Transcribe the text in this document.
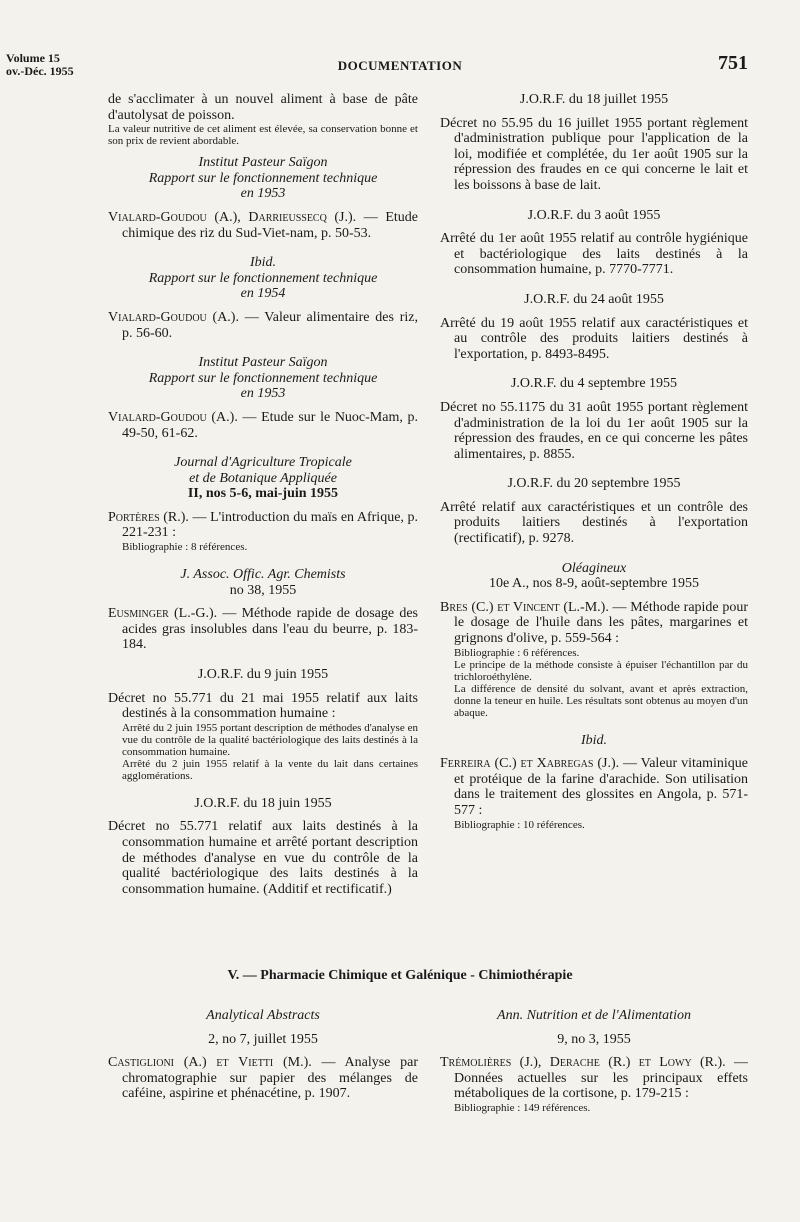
Volume 15
ov.-Déc. 1955	DOCUMENTATION	751

de s'acclimater à un nouvel aliment à base de pâte d'autolysat de poisson.

La valeur nutritive de cet aliment est élevée, sa conservation bonne et son prix de revient abordable.

Institut Pasteur Saïgon

Rapport sur le fonctionnement technique

en 1953

Vialard-Goudou (A.), Darrieussecq (J.). — Etude chimique des riz du Sud-Viet-nam, p. 50-53.

Ibid.

Rapport sur le fonctionnement technique

en 1954

Vialard-Goudou (A.). — Valeur alimentaire des riz, p. 56-60.

Institut Pasteur Saïgon

Rapport sur le fonctionnement technique

en 1953

Vialard-Goudou (A.). — Etude sur le Nuoc-Mam, p. 49-50, 61-62.

Journal d'Agriculture Tropicale

et de Botanique Appliquée

II, nos 5-6, mai-juin 1955

Portères (R.). — L'introduction du maïs en Afrique, p. 221-231 :

Bibliographie : 8 références.

J. Assoc. Offic. Agr. Chemists

no 38, 1955

Eusminger (L.-G.). — Méthode rapide de dosage des acides gras insolubles dans l'eau du beurre, p. 183-184.

J.O.R.F. du 9 juin 1955

Décret no 55.771 du 21 mai 1955 relatif aux laits destinés à la consommation humaine :

Arrêté du 2 juin 1955 portant description de méthodes d'analyse en vue du contrôle de la qualité bactériologique des laits destinés à la consommation humaine.

Arrêté du 2 juin 1955 relatif à la vente du lait dans certaines agglomérations.

J.O.R.F. du 18 juin 1955

Décret no 55.771 relatif aux laits destinés à la consommation humaine et arrêté portant description de méthodes d'analyse en vue du contrôle de la qualité bactériologique des laits destinés à la consommation humaine. (Additif et rectificatif.)

J.O.R.F. du 18 juillet 1955

Décret no 55.95 du 16 juillet 1955 portant règlement d'administration publique pour l'application de la loi, modifiée et complétée, du 1er août 1905 sur la répression des fraudes en ce qui concerne le lait et les boissons à base de lait.

J.O.R.F. du 3 août 1955

Arrêté du 1er août 1955 relatif au contrôle hygiénique et bactériologique des laits destinés à la consommation humaine, p. 7770-7771.

J.O.R.F. du 24 août 1955

Arrêté du 19 août 1955 relatif aux caractéristiques et au contrôle des produits laitiers destinés à l'exportation, p. 8493-8495.

J.O.R.F. du 4 septembre 1955

Décret no 55.1175 du 31 août 1955 portant règlement d'administration de la loi du 1er août 1905 sur la répression des fraudes, en ce qui concerne les pâtes alimentaires, p. 8855.

J.O.R.F. du 20 septembre 1955

Arrêté relatif aux caractéristiques et un contrôle des produits laitiers destinés à l'exportation (rectificatif), p. 9278.

Oléagineux

10e A., nos 8-9, août-septembre 1955

Bres (C.) et Vincent (L.-M.). — Méthode rapide pour le dosage de l'huile dans les pâtes, margarines et grignons d'olive, p. 559-564 :

Bibliographie : 6 références.

Le principe de la méthode consiste à épuiser l'échantillon par du trichloroéthylène.

La différence de densité du solvant, avant et après extraction, donne la teneur en huile. Les résultats sont obtenus au moyen d'un abaque.

Ibid.

Ferreira (C.) et Xabregas (J.). — Valeur vitaminique et protéique de la farine d'arachide. Son utilisation dans le traitement des glossites en Angola, p. 571-577 :

Bibliographie : 10 références.

V. — Pharmacie Chimique et Galénique - Chimiothérapie

Analytical Abstracts

2, no 7, juillet 1955

Castiglioni (A.) et Vietti (M.). — Analyse par chromatographie sur papier des mélanges de caféine, aspirine et phénacétine, p. 1907.

Ann. Nutrition et de l'Alimentation

9, no 3, 1955

Trémolières (J.), Derache (R.) et Lowy (R.). — Données actuelles sur les principaux effets métaboliques de la cortisone, p. 179-215 :

Bibliographie : 149 références.
